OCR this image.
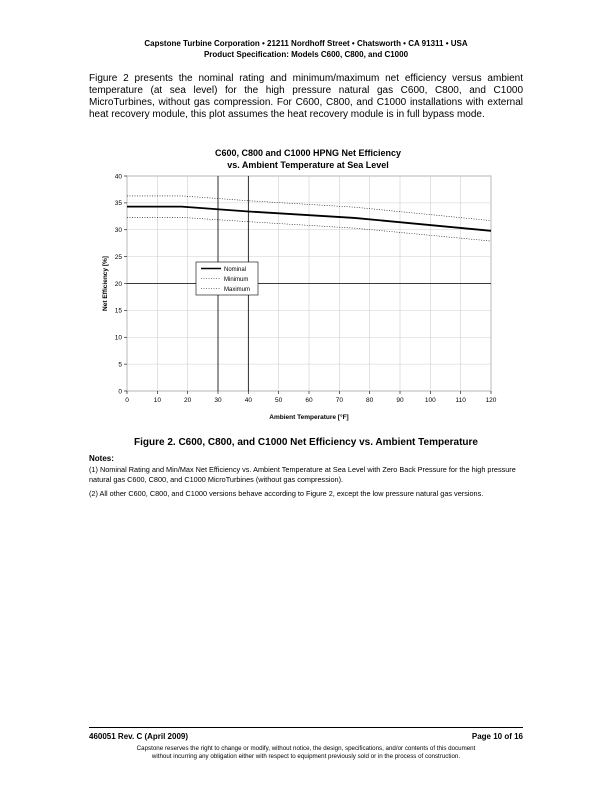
Capstone Turbine Corporation • 21211 Nordhoff Street • Chatsworth • CA 91311 • USA
Product Specification: Models C600, C800, and C1000

Figure 2 presents the nominal rating and minimum/maximum net efficiency versus ambient temperature (at sea level) for the high pressure natural gas C600, C800, and C1000 MicroTurbines, without gas compression. For C600, C800, and C1000 installations with external heat recovery module, this plot assumes the heat recovery module is in full bypass mode.

C600, C800 and C1000 HPNG Net Efficiency
vs. Ambient Temperature at Sea Level
0	10	20	30	40	50	60	70	80	90	100	110	120
0
5
10
15
20
25
30
35
40
Ambient Temperature [°F]
Net Efficiency [%]	Nominal
Minimum
Maximum
Figure 2. C600, C800, and C1000 Net Efficiency vs. Ambient Temperature
Notes:

(1) Nominal Rating and Min/Max Net Efficiency vs. Ambient Temperature at Sea Level with Zero Back Pressure for the high pressure natural gas C600, C800, and C1000 MicroTurbines (without gas compression).

(2) All other C600, C800, and C1000 versions behave according to Figure 2, except the low pressure natural gas versions.

460051 Rev. C (April 2009)	Page 10 of 16
Capstone reserves the right to change or modify, without notice, the design, specifications, and/or contents of this document
without incurring any obligation either with respect to equipment previously sold or in the process of construction.
